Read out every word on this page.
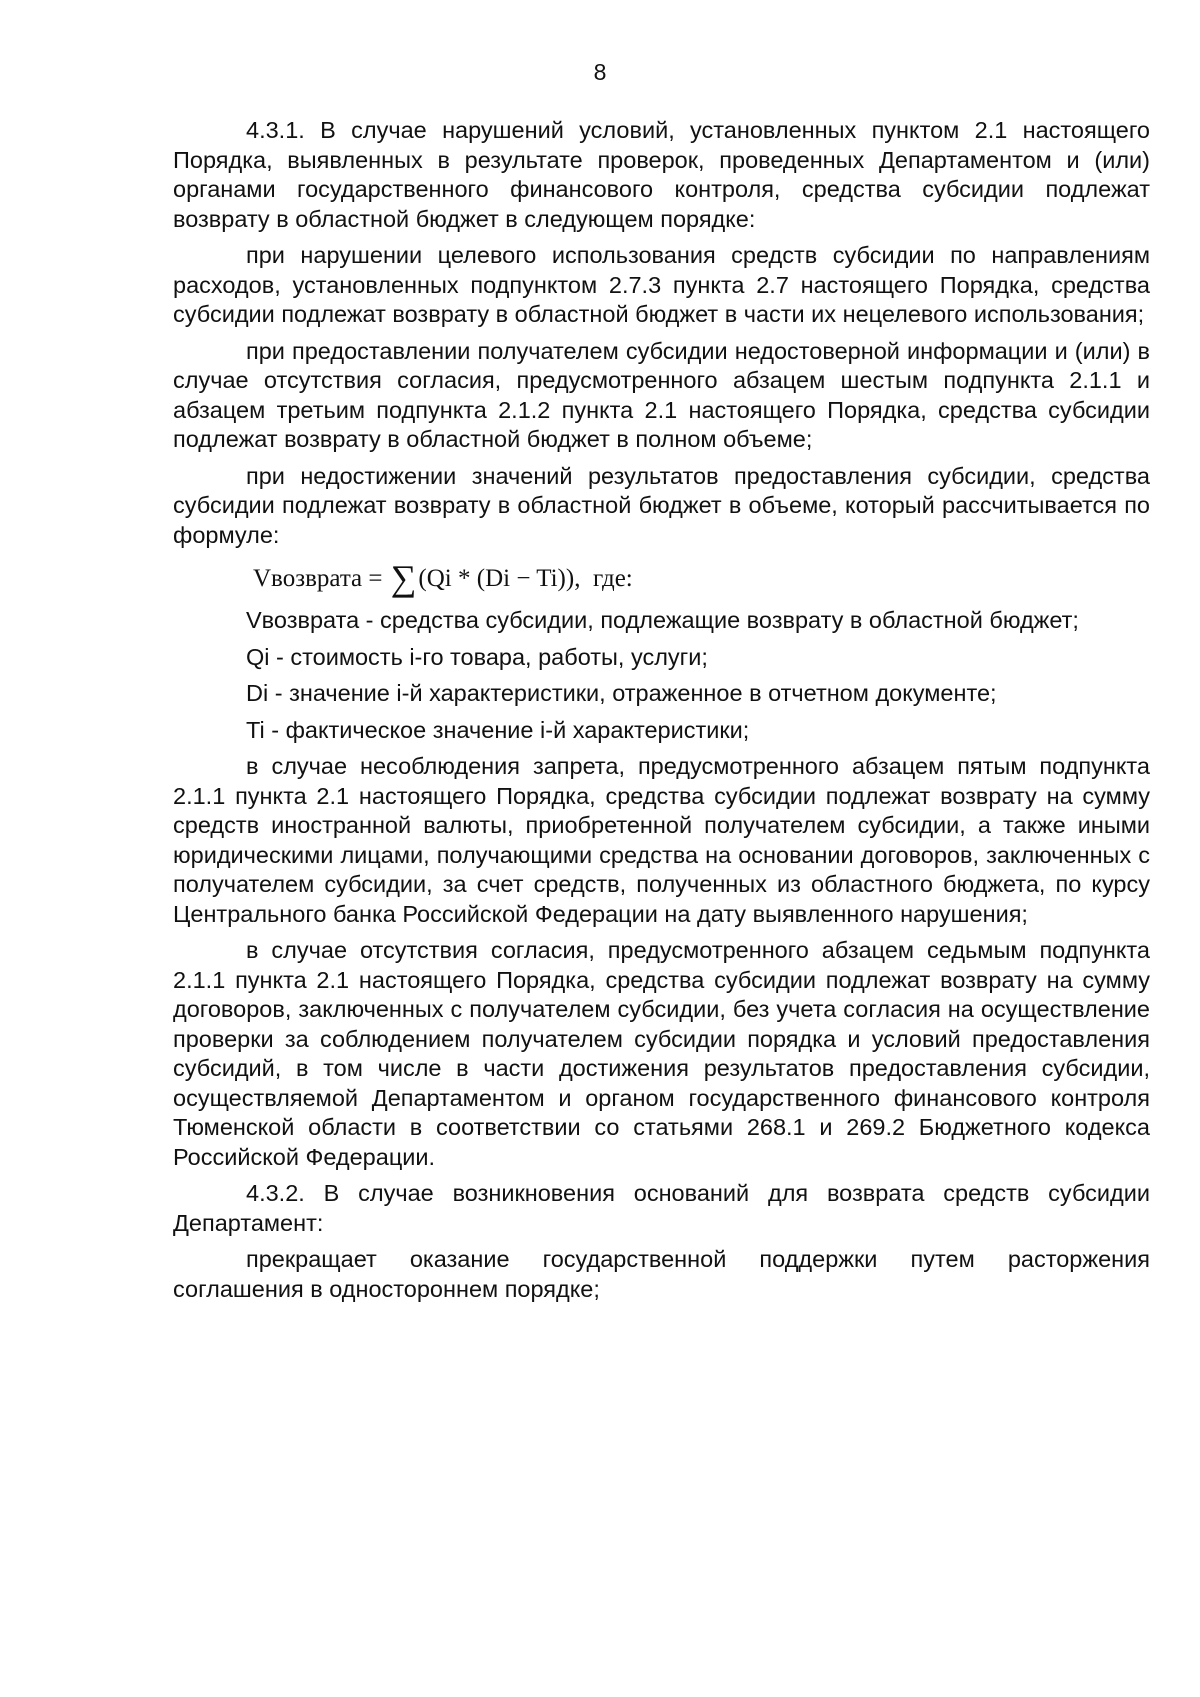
8

4.3.1. В случае нарушений условий, установленных пунктом 2.1 настоящего Порядка, выявленных в результате проверок, проведенных Департаментом и (или) органами государственного финансового контроля, средства субсидии подлежат возврату в областной бюджет в следующем порядке:

при нарушении целевого использования средств субсидии по направлениям расходов, установленных подпунктом 2.7.3 пункта 2.7 настоящего Порядка, средства субсидии подлежат возврату в областной бюджет в части их нецелевого использования;

при предоставлении получателем субсидии недостоверной информации и (или) в случае отсутствия согласия, предусмотренного абзацем шестым подпункта 2.1.1 и абзацем третьим подпункта 2.1.2 пункта 2.1 настоящего Порядка, средства субсидии подлежат возврату в областной бюджет в полном объеме;

при недостижении значений результатов предоставления субсидии, средства субсидии подлежат возврату в областной бюджет в объеме, который рассчитывается по формуле:

Vвозврата = ∑(Qi * (Di − Ti)),  где:

Vвозврата - средства субсидии, подлежащие возврату в областной бюджет;

Qi - стоимость i-го товара, работы, услуги;

Di - значение i-й характеристики, отраженное в отчетном документе;

Ti - фактическое значение i-й характеристики;

в случае несоблюдения запрета, предусмотренного абзацем пятым подпункта 2.1.1 пункта 2.1 настоящего Порядка, средства субсидии подлежат возврату на сумму средств иностранной валюты, приобретенной получателем субсидии, а также иными юридическими лицами, получающими средства на основании договоров, заключенных с получателем субсидии, за счет средств, полученных из областного бюджета, по курсу Центрального банка Российской Федерации на дату выявленного нарушения;

в случае отсутствия согласия, предусмотренного абзацем седьмым подпункта 2.1.1 пункта 2.1 настоящего Порядка, средства субсидии подлежат возврату на сумму договоров, заключенных с получателем субсидии, без учета согласия на осуществление проверки за соблюдением получателем субсидии порядка и условий предоставления субсидий, в том числе в части достижения результатов предоставления субсидии, осуществляемой Департаментом и органом государственного финансового контроля Тюменской области в соответствии со статьями 268.1 и 269.2 Бюджетного кодекса Российской Федерации.

4.3.2. В случае возникновения оснований для возврата средств субсидии Департамент:

прекращает оказание государственной поддержки путем расторжения соглашения в одностороннем порядке;
